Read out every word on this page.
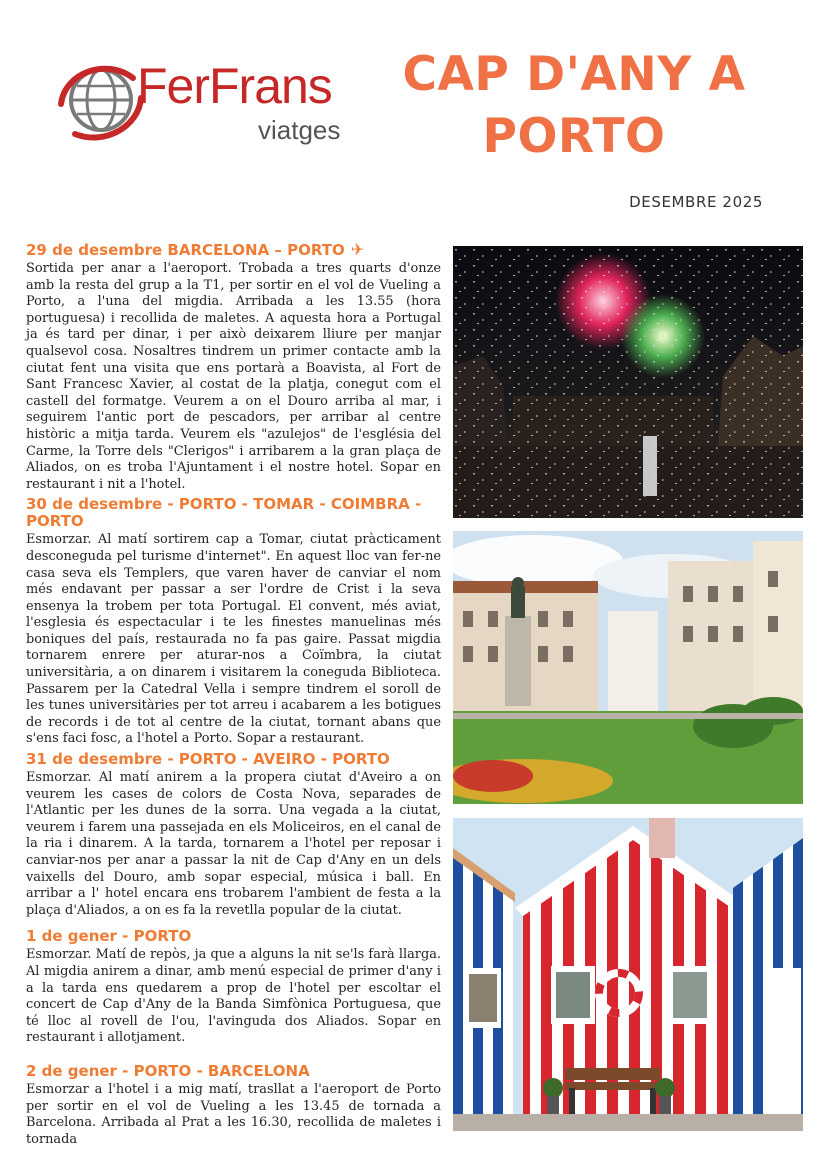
FerFrans
viatges
CAP D'ANY A PORTO
DESEMBRE 2025
29 de desembre BARCELONA – PORTO ✈

Sortida per anar a l'aeroport. Trobada a tres quarts d'onze amb la resta del grup a la T1, per sortir en el vol de Vueling a Porto, a l'una del migdia. Arribada a les 13.55 (hora portuguesa) i recollida de maletes. A aquesta hora a Portugal ja és tard per dinar, i per això deixarem lliure per manjar qualsevol cosa. Nosaltres tindrem un primer contacte amb la ciutat fent una visita que ens portarà a Boavista, al Fort de Sant Francesc Xavier, al costat de la platja, conegut com el castell del formatge. Veurem a on el Douro arriba al mar, i seguirem l'antic port de pescadors, per arribar al centre històric a mitja tarda. Veurem els "azulejos" de l'església del Carme, la Torre dels "Clerigos" i arribarem a la gran plaça de Aliados, on es troba l'Ajuntament i el nostre hotel. Sopar en restaurant i nit a l'hotel.

30 de desembre - PORTO - TOMAR - COIMBRA - PORTO

Esmorzar. Al matí sortirem cap a Tomar, ciutat pràcticament desconeguda pel turisme d'internet". En aquest lloc van fer-ne casa seva els Templers, que varen haver de canviar el nom més endavant per passar a ser l'ordre de Crist i la seva ensenya la trobem per tota Portugal. El convent, més aviat, l'esglesia és espectacular i te les finestes manuelinas més boniques del país, restaurada no fa pas gaire. Passat migdia tornarem enrere per aturar-nos a Coïmbra, la ciutat universitària, a on dinarem i visitarem la coneguda Biblioteca. Passarem per la Catedral Vella i sempre tindrem el soroll de les tunes universitàries per tot arreu i acabarem a les botigues de records i de tot al centre de la ciutat, tornant abans que s'ens faci fosc, a l'hotel a Porto. Sopar a restaurant.

31 de desembre - PORTO - AVEIRO - PORTO

Esmorzar. Al matí anirem a la propera ciutat d'Aveiro a on veurem les cases de colors de Costa Nova, separades de l'Atlantic per les dunes de la sorra. Una vegada a la ciutat, veurem i farem una passejada en els Moliceiros, en el canal de la ria i dinarem. A la tarda, tornarem a l'hotel per reposar i canviar-nos per anar a passar la nit de Cap d'Any en un dels vaixells del Douro, amb sopar especial, música i ball. En arribar a l' hotel encara ens trobarem l'ambient de festa a la plaça d'Aliados, a on es fa la revetlla popular de la ciutat.

1 de gener - PORTO

Esmorzar. Matí de repòs, ja que a alguns la nit se'ls farà llarga. Al migdia anirem a dinar, amb menú especial de primer d'any i a la tarda ens quedarem a prop de l'hotel per escoltar el concert de Cap d'Any de la Banda Simfònica Portuguesa, que té lloc al rovell de l'ou, l'avinguda dos Aliados. Sopar en restaurant i allotjament.

2 de gener - PORTO - BARCELONA

Esmorzar a l'hotel i a mig matí, trasllat a l'aeroport de Porto per sortir en el vol de Vueling a les 13.45 de tornada a Barcelona. Arribada al Prat a les 16.30, recollida de maletes i tornada
